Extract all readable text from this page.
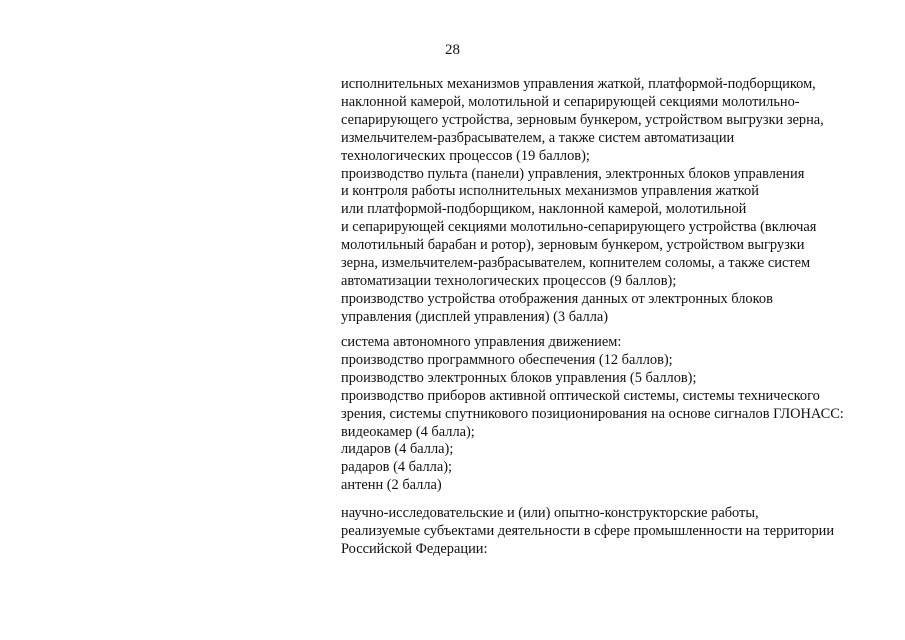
28
исполнительных механизмов управления жаткой, платформой-подборщиком,
наклонной камерой, молотильной и сепарирующей секциями молотильно-
сепарирующего устройства, зерновым бункером, устройством выгрузки зерна,
измельчителем-разбрасывателем, а также систем автоматизации
технологических процессов (19 баллов);
производство пульта (панели) управления, электронных блоков управления
и контроля работы исполнительных механизмов управления жаткой
или платформой-подборщиком, наклонной камерой, молотильной
и сепарирующей секциями молотильно-сепарирующего устройства (включая
молотильный барабан и ротор), зерновым бункером, устройством выгрузки
зерна, измельчителем-разбрасывателем, копнителем соломы, а также систем
автоматизации технологических процессов (9 баллов);
производство устройства отображения данных от электронных блоков
управления (дисплей управления) (3 балла)
система автономного управления движением:
производство программного обеспечения (12 баллов);
производство электронных блоков управления (5 баллов);
производство приборов активной оптической системы, системы технического
зрения, системы спутникового позиционирования на основе сигналов ГЛОНАСС:
видеокамер (4 балла);
лидаров (4 балла);
радаров (4 балла);
антенн (2 балла)
научно-исследовательские и (или) опытно-конструкторские работы,
реализуемые субъектами деятельности в сфере промышленности на территории
Российской Федерации:
